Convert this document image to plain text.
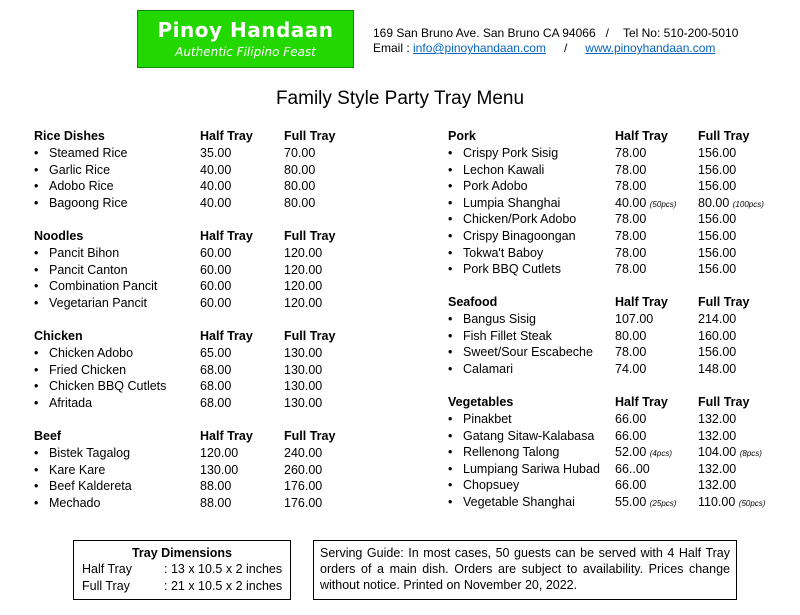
Pinoy Handaan
Authentic Filipino Feast
169 San Bruno Ave. San Bruno CA 94066 / Tel No: 510-200-5010
Email : info@pinoyhandaan.com / www.pinoyhandaan.com
Family Style Party Tray Menu
Rice Dishes	Half Tray Full Tray
• Steamed Rice	35.00	70.00
• Garlic Rice	40.00	80.00
• Adobo Rice	40.00	80.00
• Bagoong Rice	40.00	80.00
Noodles	Half Tray Full Tray
• Pancit Bihon	60.00	120.00
• Pancit Canton	60.00	120.00
• Combination Pancit	60.00	120.00
• Vegetarian Pancit	60.00	120.00
Chicken	Half Tray Full Tray
• Chicken Adobo	65.00	130.00
• Fried Chicken	68.00	130.00
• Chicken BBQ Cutlets	68.00	130.00
• Afritada	68.00	130.00
Beef	Half Tray Full Tray
• Bistek Tagalog	120.00	240.00
• Kare Kare	130.00	260.00
• Beef Kaldereta	88.00	176.00
• Mechado	88.00	176.00
Pork	Half Tray Full Tray
• Crispy Pork Sisig	78.00	156.00
• Lechon Kawali	78.00	156.00
• Pork Adobo	78.00	156.00
• Lumpia Shanghai	40.00 (50pcs) 80.00 (100pcs)
• Chicken/Pork Adobo	78.00	156.00
• Crispy Binagoongan	78.00	156.00
• Tokwa't Baboy	78.00	156.00
• Pork BBQ Cutlets	78.00	156.00
Seafood	Half Tray Full Tray
• Bangus Sisig	107.00	214.00
• Fish Fillet Steak	80.00	160.00
• Sweet/Sour Escabeche 78.00	156.00
• Calamari	74.00	148.00
Vegetables	Half Tray Full Tray
• Pinakbet	66.00	132.00
• Gatang Sitaw-Kalabasa 66.00	132.00
• Rellenong Talong	52.00 (4pcs) 104.00 (8pcs)
• Lumpiang Sariwa Hubad 66..00	132.00
• Chopsuey	66.00	132.00
• Vegetable Shanghai	55.00 (25pcs) 110.00 (50pcs)
Tray Dimensions
Half Tray	: 13 x 10.5 x 2 inches
Full Tray	: 21 x 10.5 x 2 inches
Serving Guide: In most cases, 50 guests can be served with 4 Half Tray orders of a main dish. Orders are subject to availability. Prices change without notice. Printed on November 20, 2022.
